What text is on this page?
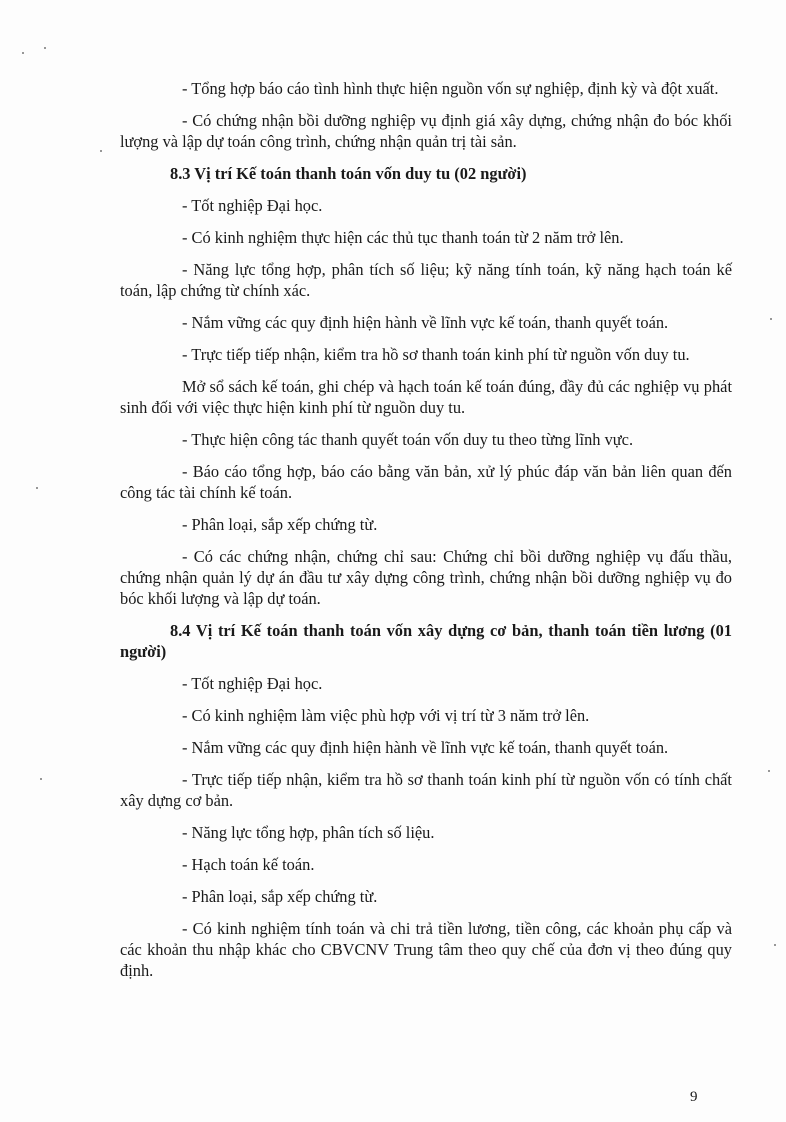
- Tổng hợp báo cáo tình hình thực hiện nguồn vốn sự nghiệp, định kỳ và đột xuất.

- Có chứng nhận bồi dưỡng nghiệp vụ định giá xây dựng, chứng nhận đo bóc khối lượng và lập dự toán công trình, chứng nhận quản trị tài sản.

8.3 Vị trí Kế toán thanh toán vốn duy tu (02 người)

- Tốt nghiệp Đại học.

- Có kinh nghiệm thực hiện các thủ tục thanh toán từ 2 năm trở lên.

- Năng lực tổng hợp, phân tích số liệu; kỹ năng tính toán, kỹ năng hạch toán kế toán, lập chứng từ chính xác.

- Nắm vững các quy định hiện hành về lĩnh vực kế toán, thanh quyết toán.

- Trực tiếp tiếp nhận, kiểm tra hồ sơ thanh toán kinh phí từ nguồn vốn duy tu.

Mở sổ sách kế toán, ghi chép và hạch toán kế toán đúng, đầy đủ các nghiệp vụ phát sinh đối với việc thực hiện kinh phí từ nguồn duy tu.

- Thực hiện công tác thanh quyết toán vốn duy tu theo từng lĩnh vực.

- Báo cáo tổng hợp, báo cáo bằng văn bản, xử lý phúc đáp văn bản liên quan đến công tác tài chính kế toán.

- Phân loại, sắp xếp chứng từ.

- Có các chứng nhận, chứng chỉ sau: Chứng chỉ bồi dưỡng nghiệp vụ đấu thầu, chứng nhận quản lý dự án đầu tư xây dựng công trình, chứng nhận bồi dưỡng nghiệp vụ đo bóc khối lượng và lập dự toán.

8.4 Vị trí Kế toán thanh toán vốn xây dựng cơ bản, thanh toán tiền lương (01 người)

- Tốt nghiệp Đại học.

- Có kinh nghiệm làm việc phù hợp với vị trí từ 3 năm trở lên.

- Nắm vững các quy định hiện hành về lĩnh vực kế toán, thanh quyết toán.

- Trực tiếp tiếp nhận, kiểm tra hồ sơ thanh toán kinh phí từ nguồn vốn có tính chất xây dựng cơ bản.

- Năng lực tổng hợp, phân tích số liệu.

- Hạch toán kế toán.

- Phân loại, sắp xếp chứng từ.

- Có kinh nghiệm tính toán và chi trả tiền lương, tiền công, các khoản phụ cấp và các khoản thu nhập khác cho CBVCNV Trung tâm theo quy chế của đơn vị theo đúng quy định.

9
